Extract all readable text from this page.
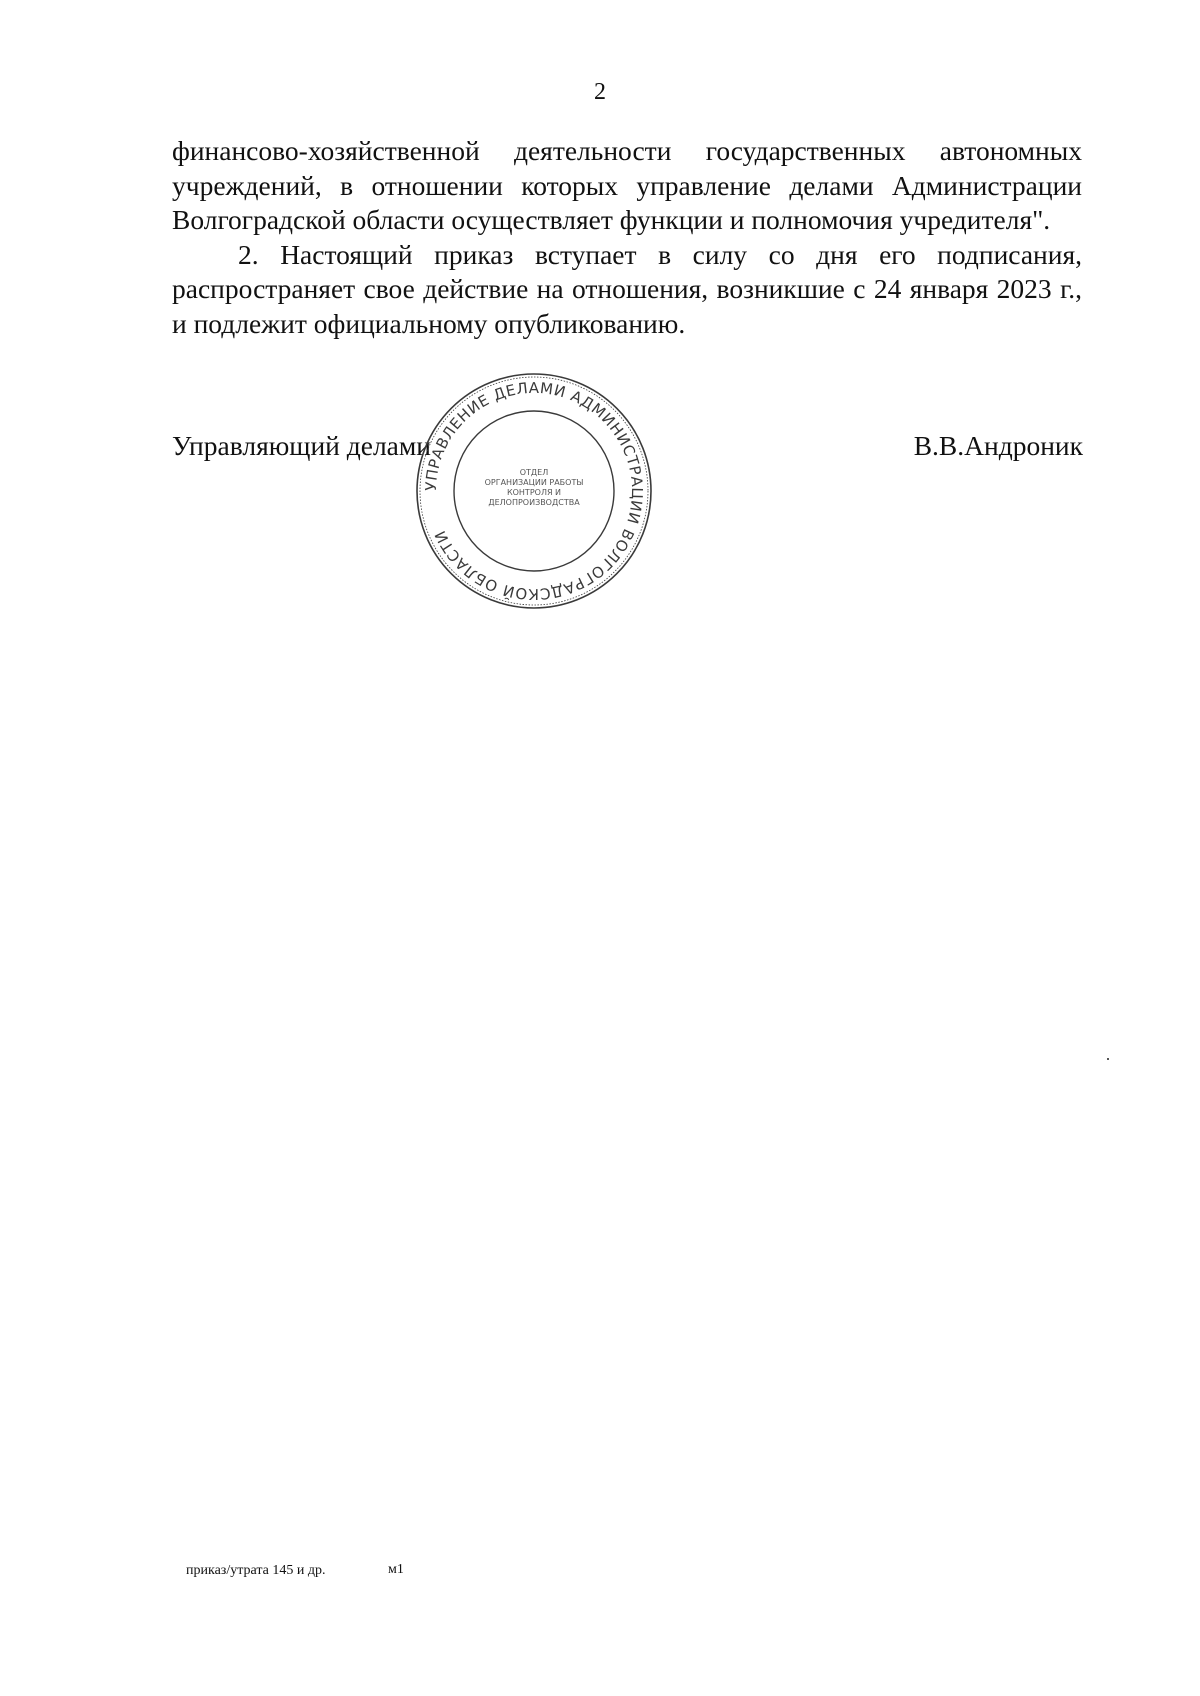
2

финансово-хозяйственной деятельности государственных автономных учреждений, в отношении которых управление делами Администрации Волгоградской области осуществляет функции и полномочия учредителя".

2. Настоящий приказ вступает в силу со дня его подписания, распространяет свое действие на отношения, возникшие с 24 января 2023 г., и подлежит официальному опубликованию.

Управляющий делами	В.В.Андроник
УПРАВЛЕНИЕ ДЕЛАМИ АДМИНИСТРАЦИИ ВОЛГОГРАДСКОЙ ОБЛАСТИ
ОТДЕЛ
ОРГАНИЗАЦИИ РАБОТЫ
КОНТРОЛЯ И
ДЕЛОПРОИЗВОДСТВА
приказ/утрата 145 и др.	м1
